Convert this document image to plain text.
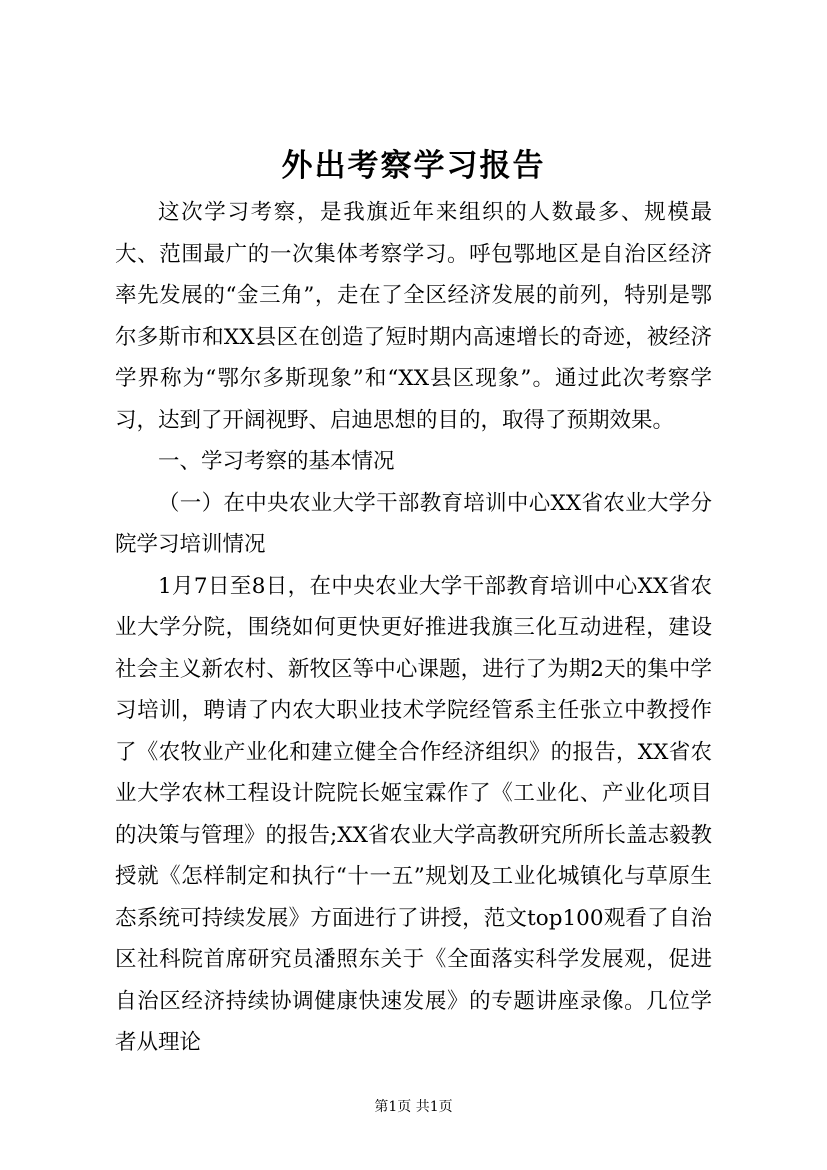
外出考察学习报告

这次学习考察，是我旗近年来组织的人数最多、规模最大、范围最广的一次集体考察学习。呼包鄂地区是自治区经济率先发展的“金三角”，走在了全区经济发展的前列，特别是鄂尔多斯市和XX县区在创造了短时期内高速增长的奇迹，被经济学界称为“鄂尔多斯现象”和“XX县区现象”。通过此次考察学习，达到了开阔视野、启迪思想的目的，取得了预期效果。

一、学习考察的基本情况

（一）在中央农业大学干部教育培训中心XX省农业大学分院学习培训情况

1月7日至8日，在中央农业大学干部教育培训中心XX省农业大学分院，围绕如何更快更好推进我旗三化互动进程，建设社会主义新农村、新牧区等中心课题，进行了为期2天的集中学习培训，聘请了内农大职业技术学院经管系主任张立中教授作了《农牧业产业化和建立健全合作经济组织》的报告，XX省农业大学农林工程设计院院长姬宝霖作了《工业化、产业化项目的决策与管理》的报告;XX省农业大学高教研究所所长盖志毅教授就《怎样制定和执行“十一五”规划及工业化城镇化与草原生态系统可持续发展》方面进行了讲授，范文top100观看了自治区社科院首席研究员潘照东关于《全面落实科学发展观，促进自治区经济持续协调健康快速发展》的专题讲座录像。几位学者从理论

第1页 共1页
